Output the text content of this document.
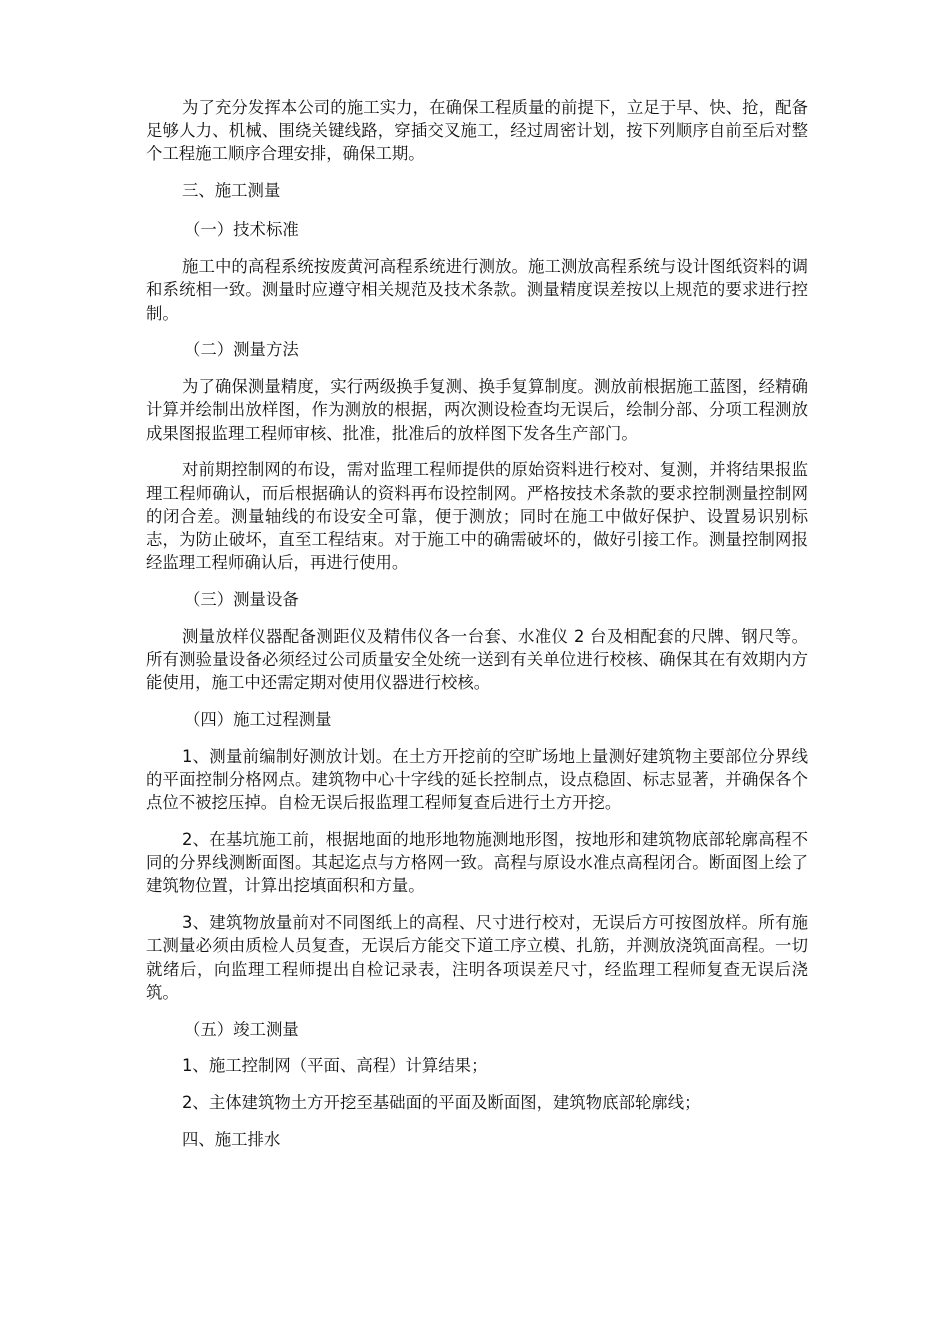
为了充分发挥本公司的施工实力，在确保工程质量的前提下，立足于早、快、抢，配备足够人力、机械、围绕关键线路，穿插交叉施工，经过周密计划，按下列顺序自前至后对整个工程施工顺序合理安排，确保工期。

三、施工测量

（一）技术标准

施工中的高程系统按废黄河高程系统进行测放。施工测放高程系统与设计图纸资料的调和系统相一致。测量时应遵守相关规范及技术条款。测量精度误差按以上规范的要求进行控制。

（二）测量方法

为了确保测量精度，实行两级换手复测、换手复算制度。测放前根据施工蓝图，经精确计算并绘制出放样图，作为测放的根据，两次测设检查均无误后，绘制分部、分项工程测放成果图报监理工程师审核、批准，批准后的放样图下发各生产部门。

对前期控制网的布设，需对监理工程师提供的原始资料进行校对、复测，并将结果报监理工程师确认，而后根据确认的资料再布设控制网。严格按技术条款的要求控制测量控制网的闭合差。测量轴线的布设安全可靠，便于测放；同时在施工中做好保护、设置易识别标志，为防止破坏，直至工程结束。对于施工中的确需破坏的，做好引接工作。测量控制网报经监理工程师确认后，再进行使用。

（三）测量设备

测量放样仪器配备测距仪及精伟仪各一台套、水准仪 2 台及相配套的尺牌、钢尺等。所有测验量设备必须经过公司质量安全处统一送到有关单位进行校核、确保其在有效期内方能使用，施工中还需定期对使用仪器进行校核。

（四）施工过程测量

1、测量前编制好测放计划。在土方开挖前的空旷场地上量测好建筑物主要部位分界线的平面控制分格网点。建筑物中心十字线的延长控制点，设点稳固、标志显著，并确保各个点位不被挖压掉。自检无误后报监理工程师复查后进行土方开挖。

2、在基坑施工前，根据地面的地形地物施测地形图，按地形和建筑物底部轮廓高程不同的分界线测断面图。其起迄点与方格网一致。高程与原设水准点高程闭合。断面图上绘了建筑物位置，计算出挖填面积和方量。

3、建筑物放量前对不同图纸上的高程、尺寸进行校对，无误后方可按图放样。所有施工测量必须由质检人员复查，无误后方能交下道工序立模、扎筋，并测放浇筑面高程。一切就绪后，向监理工程师提出自检记录表，注明各项误差尺寸，经监理工程师复查无误后浇筑。

（五）竣工测量

1、施工控制网（平面、高程）计算结果；

2、主体建筑物土方开挖至基础面的平面及断面图，建筑物底部轮廓线；

四、施工排水
